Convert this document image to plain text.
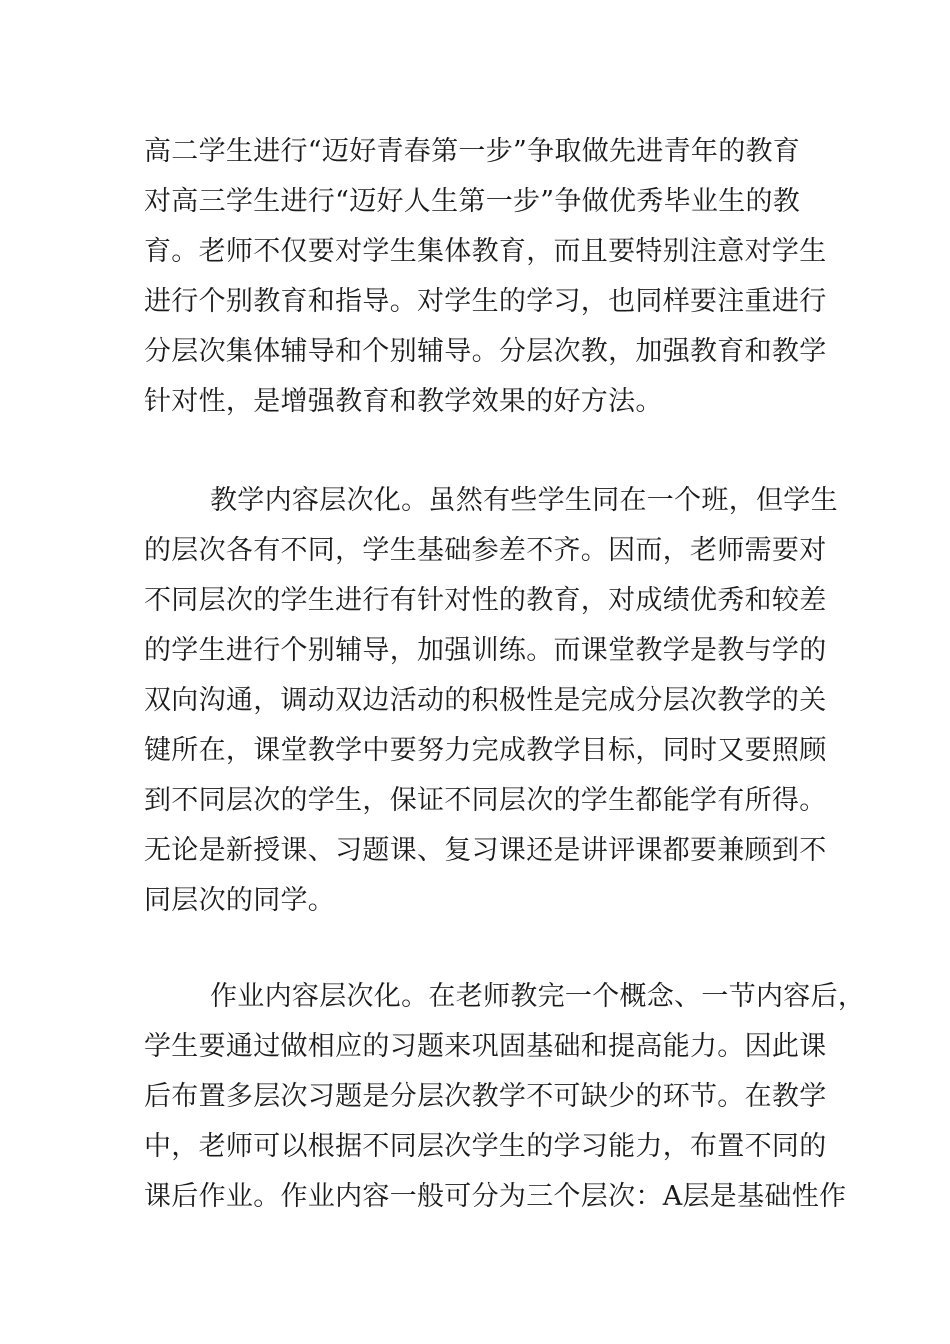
高二学生进行“迈好青春第一步”争取做先进青年的教育
对高三学生进行“迈好人生第一步”争做优秀毕业生的教
育。老师不仅要对学生集体教育，而且要特别注意对学生
进行个别教育和指导。对学生的学习，也同样要注重进行
分层次集体辅导和个别辅导。分层次教，加强教育和教学
针对性，是增强教育和教学效果的好方法。
教学内容层次化。虽然有些学生同在一个班，但学生
的层次各有不同，学生基础参差不齐。因而，老师需要对
不同层次的学生进行有针对性的教育，对成绩优秀和较差
的学生进行个别辅导，加强训练。而课堂教学是教与学的
双向沟通，调动双边活动的积极性是完成分层次教学的关
键所在，课堂教学中要努力完成教学目标，同时又要照顾
到不同层次的学生，保证不同层次的学生都能学有所得。
无论是新授课、习题课、复习课还是讲评课都要兼顾到不
同层次的同学。
作业内容层次化。在老师教完一个概念、一节内容后，
学生要通过做相应的习题来巩固基础和提高能力。因此课
后布置多层次习题是分层次教学不可缺少的环节。在教学
中，老师可以根据不同层次学生的学习能力，布置不同的
课后作业。作业内容一般可分为三个层次：A层是基础性作
